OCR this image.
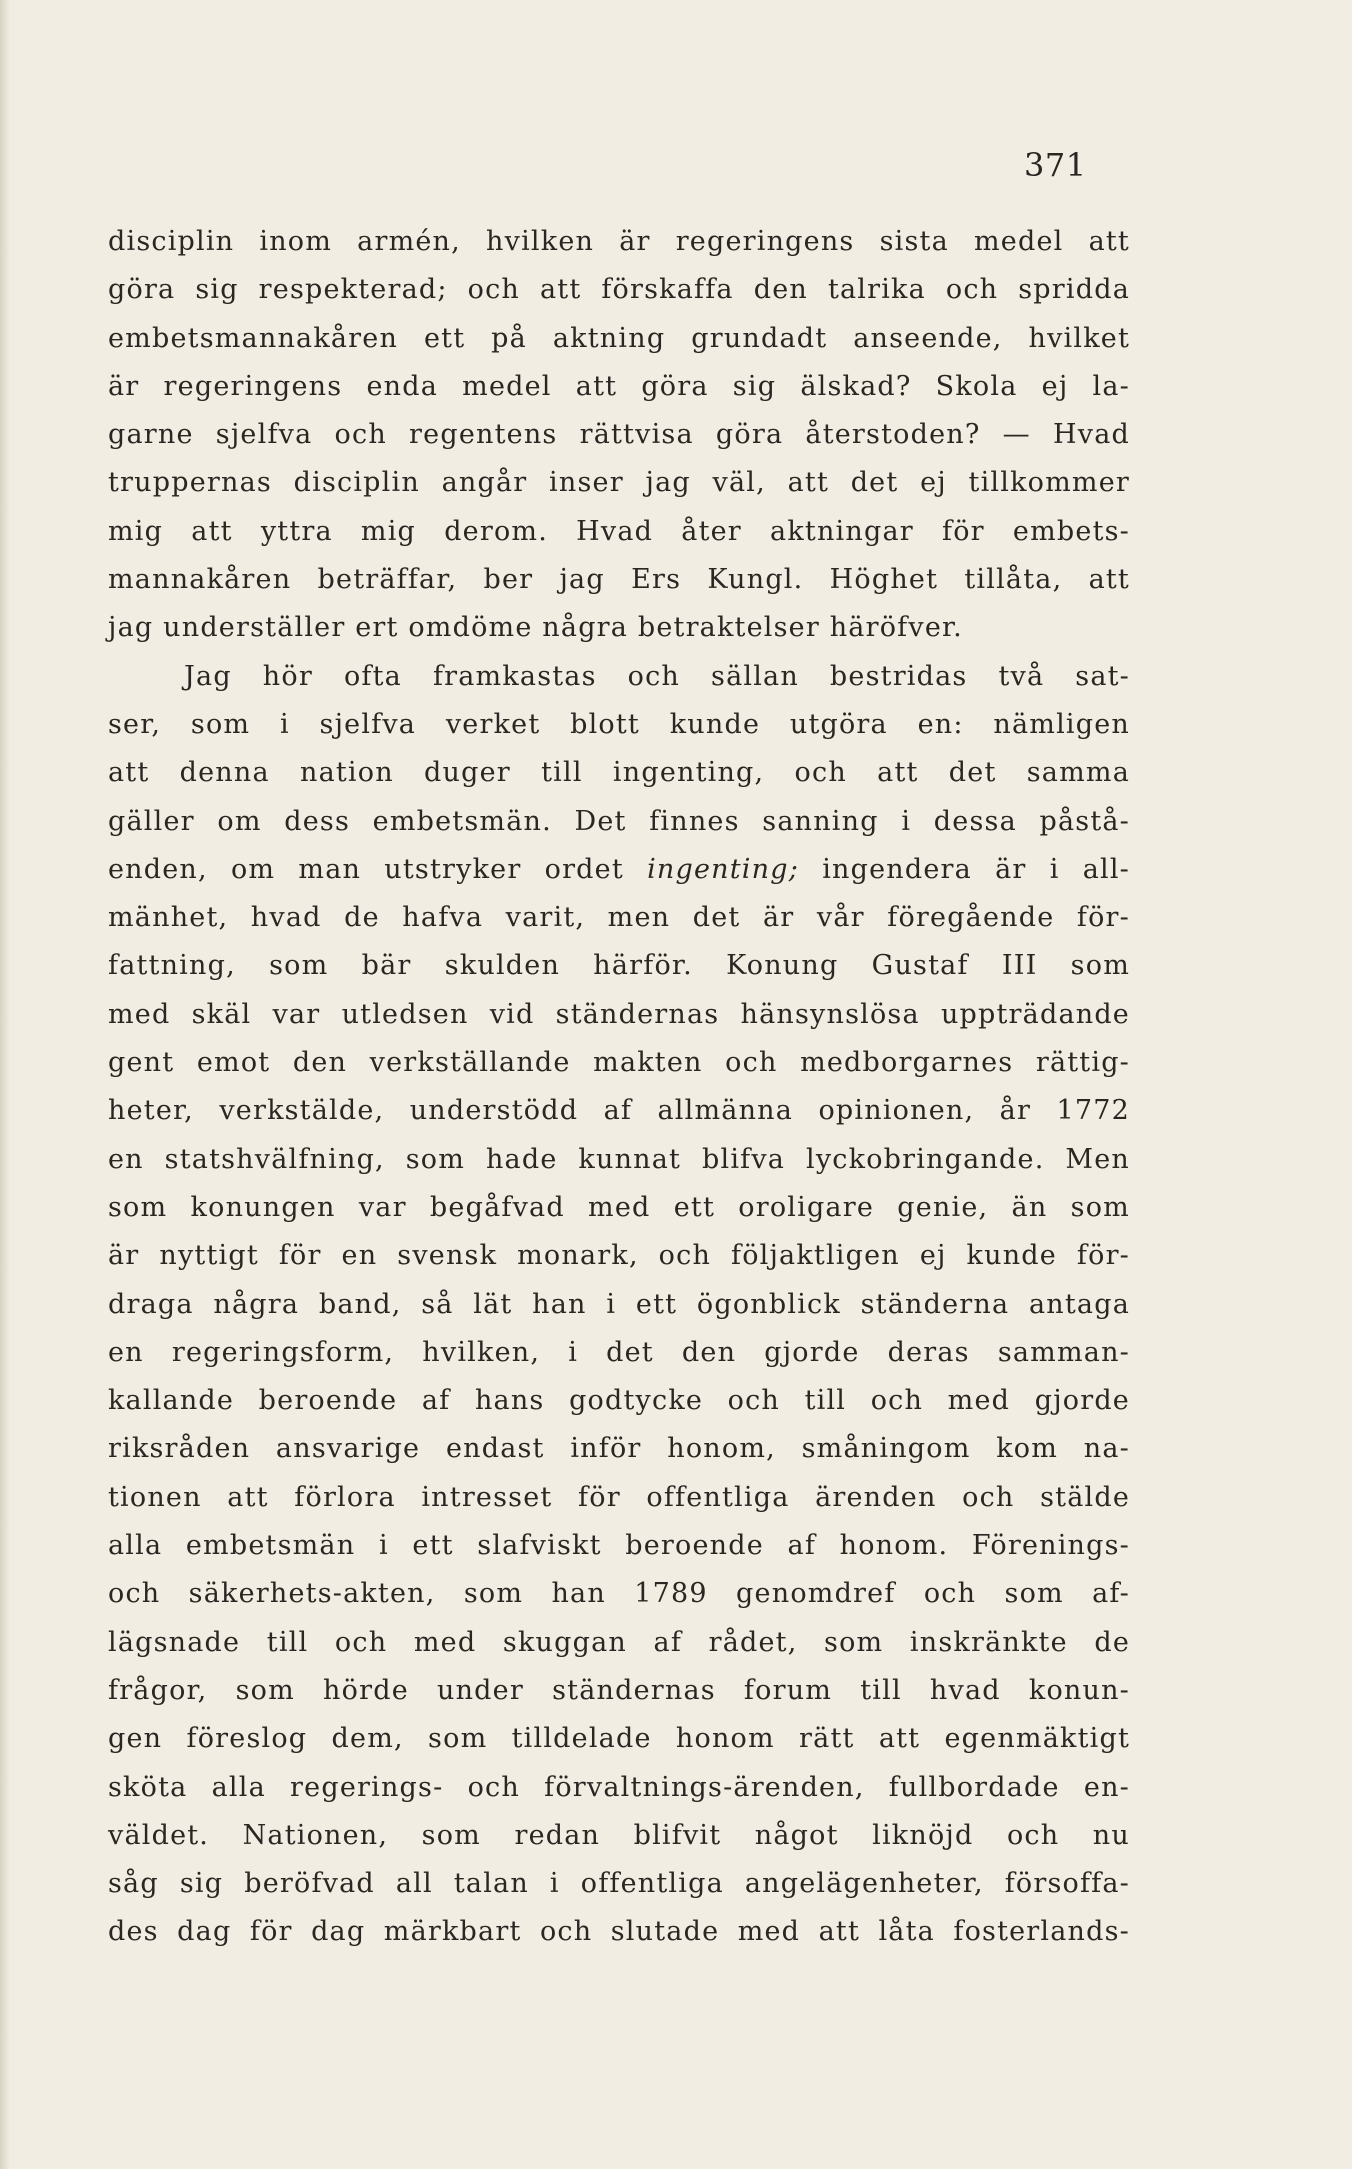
371
disciplin inom armén, hvilken är regeringens sista medel att
göra sig respekterad; och att förskaffa den talrika och spridda
embetsmannakåren ett på aktning grundadt anseende, hvilket
är regeringens enda medel att göra sig älskad? Skola ej la-
garne sjelfva och regentens rättvisa göra återstoden? — Hvad
truppernas disciplin angår inser jag väl, att det ej tillkommer
mig att yttra mig derom. Hvad åter aktningar för embets-
mannakåren beträffar, ber jag Ers Kungl. Höghet tillåta, att
jag underställer ert omdöme några betraktelser häröfver.
Jag hör ofta framkastas och sällan bestridas två sat-
ser, som i sjelfva verket blott kunde utgöra en: nämligen
att denna nation duger till ingenting, och att det samma
gäller om dess embetsmän. Det finnes sanning i dessa påstå-
enden, om man utstryker ordet ingenting; ingendera är i all-
mänhet, hvad de hafva varit, men det är vår föregående för-
fattning, som bär skulden härför. Konung Gustaf III som
med skäl var utledsen vid ständernas hänsynslösa uppträdande
gent emot den verkställande makten och medborgarnes rättig-
heter, verkstälde, understödd af allmänna opinionen, år 1772
en statshvälfning, som hade kunnat blifva lyckobringande. Men
som konungen var begåfvad med ett oroligare genie, än som
är nyttigt för en svensk monark, och följaktligen ej kunde för-
draga några band, så lät han i ett ögonblick ständerna antaga
en regeringsform, hvilken, i det den gjorde deras samman-
kallande beroende af hans godtycke och till och med gjorde
riksråden ansvarige endast inför honom, småningom kom na-
tionen att förlora intresset för offentliga ärenden och stälde
alla embetsmän i ett slafviskt beroende af honom. Förenings-
och säkerhets-akten, som han 1789 genomdref och som af-
lägsnade till och med skuggan af rådet, som inskränkte de
frågor, som hörde under ständernas forum till hvad konun-
gen föreslog dem, som tilldelade honom rätt att egenmäktigt
sköta alla regerings- och förvaltnings-ärenden, fullbordade en-
väldet. Nationen, som redan blifvit något liknöjd och nu
såg sig beröfvad all talan i offentliga angelägenheter, försoffa-
des dag för dag märkbart och slutade med att låta fosterlands-
